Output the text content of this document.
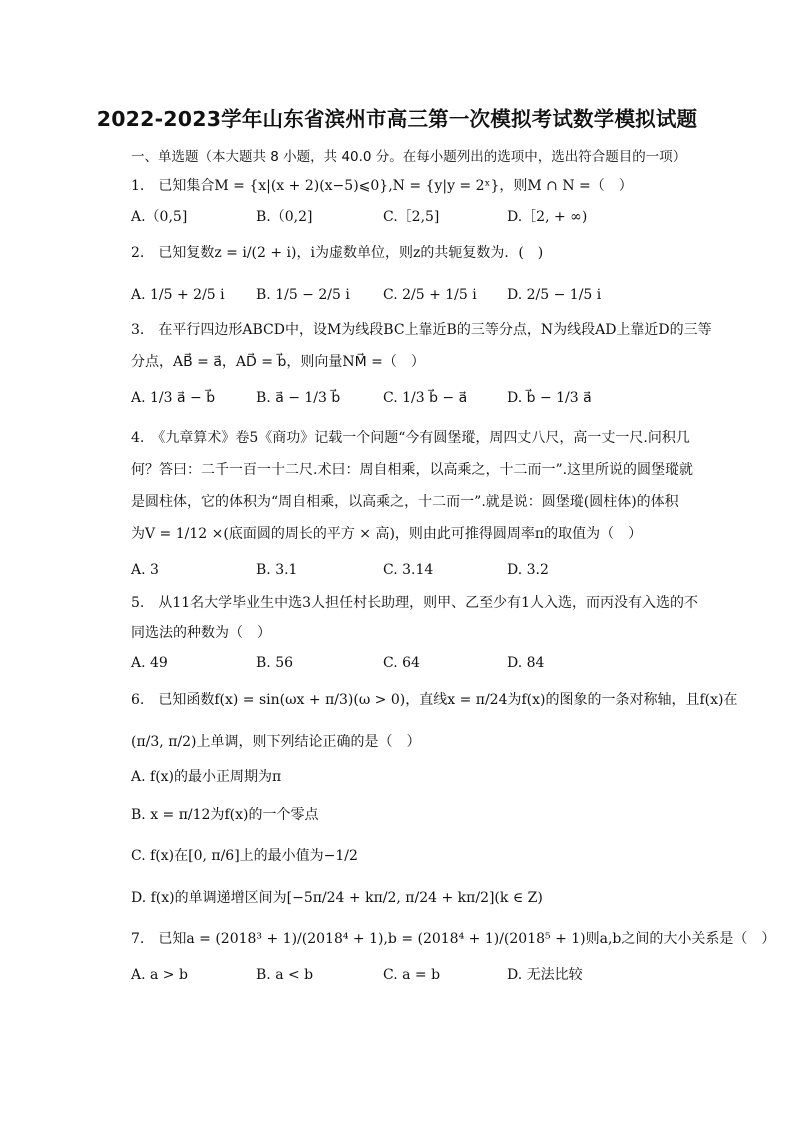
2022-2023学年山东省滨州市高三第一次模拟考试数学模拟试题
一、单选题（本大题共 8 小题，共 40.0 分。在每小题列出的选项中，选出符合题目的一项）
1.　已知集合M = {x|(x + 2)(x−5)⩽0},N = {y|y = 2ˣ}，则M ∩ N =（　）
A.（0,5]	B.（0,2]	C.［2,5]	D.［2, + ∞)
2.　已知复数z = i/(2 + i)，i为虚数单位，则z的共轭复数为．(　)
A. 1/5 + 2/5 i B. 1/5 − 2/5 i C. 2/5 + 1/5 i D. 2/5 − 1/5 i
3.　在平行四边形ABCD中，设M为线段BC上靠近B的三等分点，N为线段AD上靠近D的三等
分点，AB⃗ = a⃗，AD⃗ = b⃗，则向量NM⃗ =（　）
A. 1/3 a⃗ − b⃗	B. a⃗ − 1/3 b⃗	C. 1/3 b⃗ − a⃗	D. b⃗ − 1/3 a⃗
4.　《九章算术》卷5《商功》记载一个问题“今有圆堡瑽，周四丈八尺，高一丈一尺.问积几
何？答曰：二千一百一十二尺.术曰：周自相乘，以高乘之，十二而一”.这里所说的圆堡瑽就
是圆柱体，它的体积为“周自相乘，以高乘之，十二而一”.就是说：圆堡瑽(圆柱体)的体积
为V = 1/12 ×(底面圆的周长的平方 × 高)，则由此可推得圆周率π的取值为（　）
A. 3	B. 3.1	C. 3.14	D. 3.2
5.　从11名大学毕业生中选3人担任村长助理，则甲、乙至少有1人入选，而丙没有入选的不
同选法的种数为（　）
A. 49	B. 56	C. 64	D. 84
6.　已知函数f(x) = sin(ωx + π/3)(ω > 0)，直线x = π/24为f(x)的图象的一条对称轴，且f(x)在
(π/3, π/2)上单调，则下列结论正确的是（　）
A. f(x)的最小正周期为π
B. x = π/12为f(x)的一个零点
C. f(x)在[0, π/6]上的最小值为−1/2
D. f(x)的单调递增区间为[−5π/24 + kπ/2, π/24 + kπ/2](k ∈ Z)
7.　已知a = (2018³ + 1)/(2018⁴ + 1),b = (2018⁴ + 1)/(2018⁵ + 1)则a,b之间的大小关系是（　）
A. a > b	B. a < b	C. a = b	D. 无法比较
